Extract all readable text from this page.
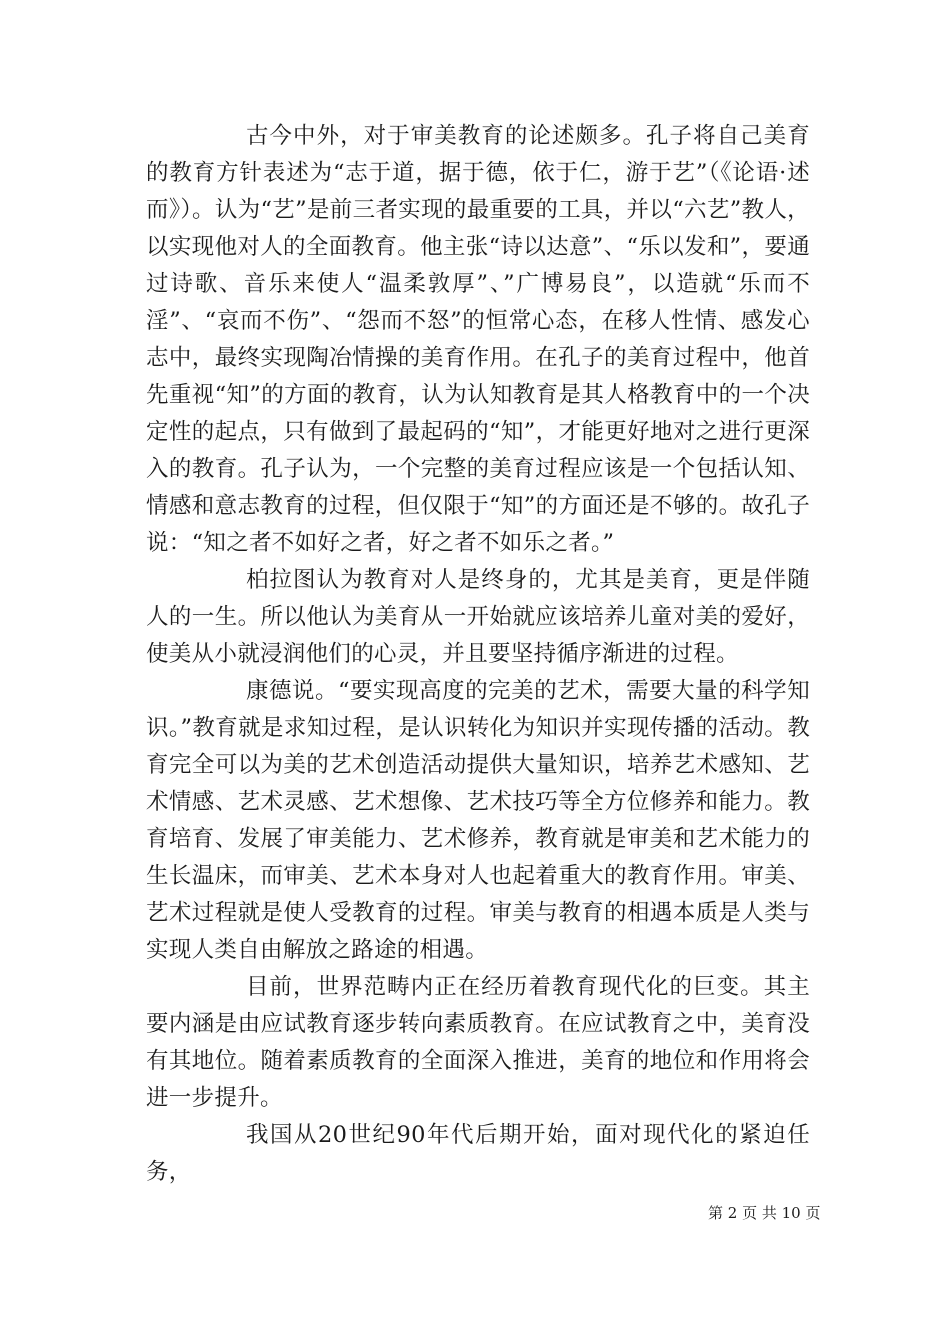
古今中外，对于审美教育的论述颇多。孔子将自己美育的教育方针表述为“志于道，据于德，依于仁，游于艺”（《论语·述而》）。认为“艺”是前三者实现的最重要的工具，并以“六艺”教人，以实现他对人的全面教育。他主张“诗以达意”、“乐以发和”，要通过诗歌、音乐来使人“温柔敦厚”、”广博易良”，以造就“乐而不淫”、“哀而不伤”、“怨而不怒”的恒常心态，在移人性情、感发心志中，最终实现陶冶情操的美育作用。在孔子的美育过程中，他首先重视“知”的方面的教育，认为认知教育是其人格教育中的一个决定性的起点，只有做到了最起码的“知”，才能更好地对之进行更深入的教育。孔子认为，一个完整的美育过程应该是一个包括认知、情感和意志教育的过程，但仅限于“知”的方面还是不够的。故孔子说：“知之者不如好之者，好之者不如乐之者。”

柏拉图认为教育对人是终身的，尤其是美育，更是伴随人的一生。所以他认为美育从一开始就应该培养儿童对美的爱好，使美从小就浸润他们的心灵，并且要坚持循序渐进的过程。

康德说。“要实现高度的完美的艺术，需要大量的科学知识。”教育就是求知过程，是认识转化为知识并实现传播的活动。教育完全可以为美的艺术创造活动提供大量知识，培养艺术感知、艺术情感、艺术灵感、艺术想像、艺术技巧等全方位修养和能力。教育培育、发展了审美能力、艺术修养，教育就是审美和艺术能力的生长温床，而审美、艺术本身对人也起着重大的教育作用。审美、艺术过程就是使人受教育的过程。审美与教育的相遇本质是人类与实现人类自由解放之路途的相遇。

目前，世界范畴内正在经历着教育现代化的巨变。其主要内涵是由应试教育逐步转向素质教育。在应试教育之中，美育没有其地位。随着素质教育的全面深入推进，美育的地位和作用将会进一步提升。

我国从20世纪90年代后期开始，面对现代化的紧迫任务，

第 2 页 共 10 页
